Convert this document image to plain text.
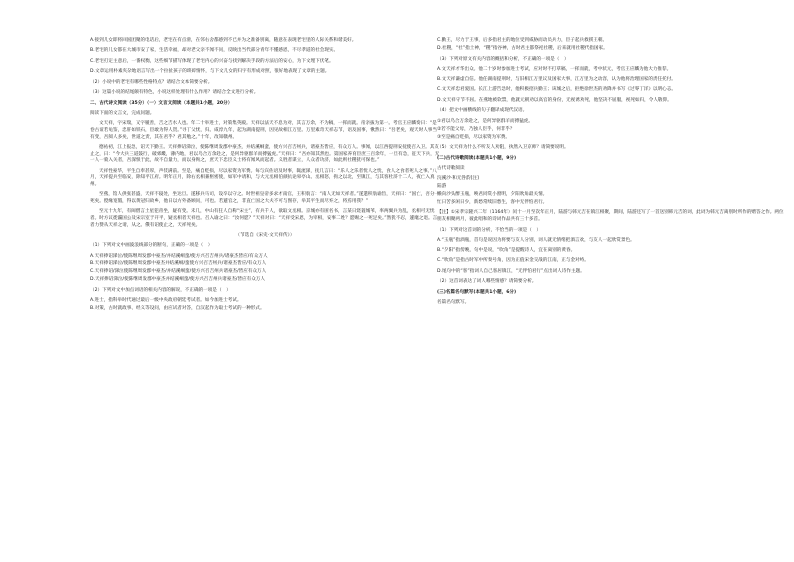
A.接到儿女即将回国团聚的电话后，老宅在有点滑，在邻右舍都感到不已并为之准备别离，随意在表现老宅里的人际关系和谐美好。
B.老宅的儿女都在大城市安了家，生活幸福，却对老父亲不闻不问，反映出当代部分青年不懂感恩，不尽孝道的社会现实。
C.老宅打定主意后，一番权衡，这些细节描写体现了老宅内心的兴奋与找到解决手段的方法后的安心，为下文埋下伏笔。
D.文章运用朴素夹杂地语言写出一个拉扯孩子的琐碎情怀，与下文儿女的归宇有形成对照，很好地表现了文章的主题。
（2）小说中的老宅有哪些性格特点？请结合文本简要分析。
（3）这篇小说的结尾颇有特色，小说这样处理有什么作用？请结合全文进行分析。
二、古代诗文阅读（35分）（一）文言文阅读（本题共1小题，20分）
阅读下面的文言文，完成问题。
文天祥，字宋瑞，又字履善，吉之吉水人也。年二十举进士，对策集英殿。天祥以法天不息为对，其言万余，不为稿，一挥而就。帝亲拔为第一。考官王应麟奏曰：“是卷古谊若龟鉴，忠肝如铁石，臣敢为得人贺。”寻丁父忧，归。咸淳九年，起为湖南提刑，因见故相江万里。万里素奇天祥志节，语及国事，愀然曰：“吾老矣，观天时人事当有变，吾阅人多矣，世道之责，其在君乎？君其勉之。”十年，改知赣州。
德祐初，江上报急，诏天下勤王。天祥捧诏涕泣，使陈继周发郡中豪杰，并结溪峒蛮，使方兴召吉州兵，诸豪杰皆应，有众万人。事闻，以江西提刑安抚使召入卫。其友止之，曰：“今大兵三道鼓行，破郊畿，薄内地，君以乌合万余赴之，是何异驱群羊而搏猛虎。”天祥曰：“吾亦知其然也。第国家养育臣庶三百余年，一旦有急，征天下兵，无一人一骑入关者，吾深恨于此，故不自量力，而以身徇之，庶天下忠臣义士将有闻风而起者。义胜者谋立，人众者功济，如此则社稷犹可保也。”
天祥性豪华，平生自奉甚厚，声伎满前。至是，痛自贬损，尽以家资为军费。每与宾佐语及时事，辄流涕，抚几言曰：“乐人之乐者忧人之忧，食人之食者死人之事。”八月，天祥提兵至临安，除知平江府。明年正月，除右丞相兼枢密使，如军中请和，与大元丞相伯颜抗论皋亭山。丞相怒，拘之以北，至镇江，与其客杜浒十二人，夜亡入真州。
至燕，馆人供张甚盛，天祥不寝处，坐达旦。遂移兵马司，设卒以守之。时世祖皇帝多求才南官，王积翁言：“南人无如天祥者。”遂遣积翁谕旨，天祥曰：“国亡，吾分一死矣。傥缘宽假，得以黄冠归故乡，他日以方外备顾问，可也。若遽官之，非直亡国之大夫不可与图存，举其平生而尽弃之，将焉用我？”
至元十九年，有闽僧言土星犯帝坐，疑有变。未几，中山有狂人自称“宋主”，有兵千人，欲取文丞相。京城亦有匿名书，言某日烧蓑城苇，率两翼兵为乱，丞相可无忧者。时方议徙瀛国公及宋宗室于开平，疑丞相者天祥也。召入谕之曰：“汝何愿？”天祥对曰：“天祥受宋恩，为宰相，安事二姓？愿赐之一死足矣。”然犹不忍，遽麾之退。言者力赞从天祥之请，从之。俄有诏使止之，天祥死矣。
（节选自《宋史·文天祥传》）
（1）下列对文中画波浪线部分的断句，正确的一项是（　）
A.天祥捧诏涕泣/使陈继周发郡中豪杰/并结溪峒蛮/使方兴召吉州兵/诸豪杰皆应/有众万人
B.天祥捧诏涕泣/使陈继周发郡中豪杰并结溪峒/蛮使方兴召吉州兵/诸豪杰皆应/有众万人
C.天祥捧诏/涕泣使陈继周发郡中豪杰/并结溪峒蛮/使方兴召吉州兵诸豪杰/皆应有众万人
D.天祥捧诏涕泣/使陈继周发郡中豪杰并结溪峒蛮/使方兴召吉州兵诸豪杰/皆应有众万人
（2）下列对文中加点词语的相关内容的解说，不正确的一项是（　）
A.进士，指科举时代通过最后一级中央政府朝廷考试者。如今加进士考试。
B.对策，古时就政事、经义等设问，由应试者对答，自汉起作为取士考试的一种形式。
C.勤王，尽力于王事，后多指君主的地位受到威胁而动员兵力，臣子起兵救援王朝。
D.社稷，“社”指土神，“稷”指谷神，古时君主都祭祀社稷，后来就用社稷代指国家。
（3）下列对原文有关内容的概括和分析，不正确的一项是（　）
A.文天祥才华出众。他二十岁时参加进士考试，应对时不打草稿，一挥而就，考中状元，考官王应麟为他大力推荐。
B.文天祥谦虚自信。他任湖南提刑时，与旧相江万里议及国家大事，江万里为之动容，认为他将治理国家的责任托付。
C.文天祥忠君爱国。长江上游告急时，他积极招兵勤王；该城之后，拒绝徐世杰的劝降并书写《过零丁洋》以明心志。
D.文天祥守节不屈。在燕地被软禁，他就元朝劝以高官的身份，无视诱劝死，他坚决不屈服，视死如归，令人敬仰。
（4）把文中画横线的句子翻译成现代汉语。
①君以乌合万余赴之，是何异驱群羊而搏猛虎。
②若不能父母，乃独人臣乎，何非乎？
③至是痛自贬损，尽以家资为军费。
（5）文天祥为什么不听友人劝阻，执然入卫京师？请简要说明。
(二)古代诗歌阅读(本题共1小题，9分)
古代诗歌阅读
浣溪沙·和无咎韵[注]
陆游
懒向沙头醉玉瓶，唤君同赏小窗明，夕阳吹角最关情。
忙日苦多闲日少，新愁常续旧愁生，客中无伴怕君行。
【注】①宋孝宗隆兴二年（1164年）闰十一月至次年正月，陆游与韩元吉在镇江相聚，期间，陆游还写了一首送别韩元吉的词，此词为韩元吉离别时所作的赠答之作。两位朋友相聚两月，彼此唱和的诗词作品共有三十多首。
（1）下列对这首词的分析，不恰当的一项是（　）
A.“玉瓶”指酒瓶，首句是说因为将要与友人分别，词人就无情绪把酒言欢，与友人一起欣赏景色。
B.“夕阳”指傍晚，句中是说，“吹角”是提醒诗人，宜在离别的黄昏。
C.“吹角”是指古时军中所奏号角，因为正值宋金交战的江南，正与金对峙。
D.尾句中的“客”指词人自己客居镇江，“无伴怕君行”点出词人诗作主题。
（2）这首词表达了词人哪些情感？请简要分析。
(三)名篇名句默写(本题共1小题，6分)
名篇名句默写。
